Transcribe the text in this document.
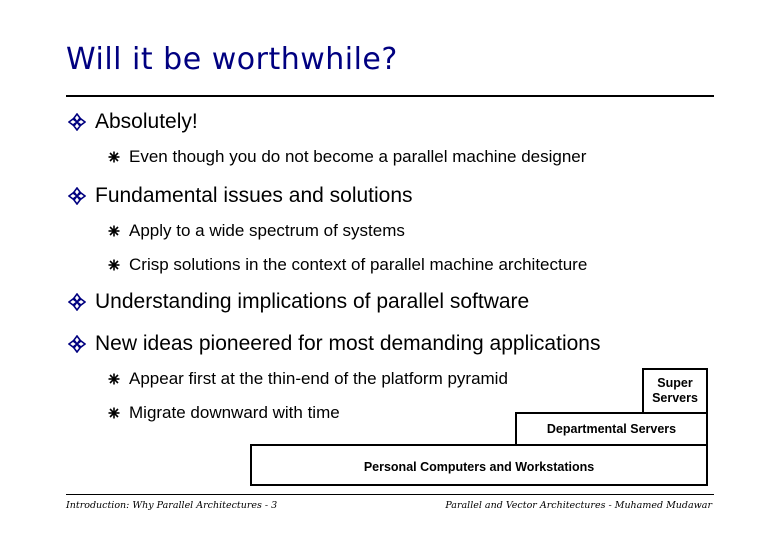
Will it be worthwhile?
Absolutely!
Even though you do not become a parallel machine designer
Fundamental issues and solutions
Apply to a wide spectrum of systems
Crisp solutions in the context of parallel machine architecture
Understanding implications of parallel software
New ideas pioneered for most demanding applications
Appear first at the thin-end of the platform pyramid
Migrate downward with time
Personal Computers and Workstations
Departmental Servers
Super
Servers
Introduction: Why Parallel Architectures - 3	Parallel and Vector Architectures - Muhamed Mudawar
